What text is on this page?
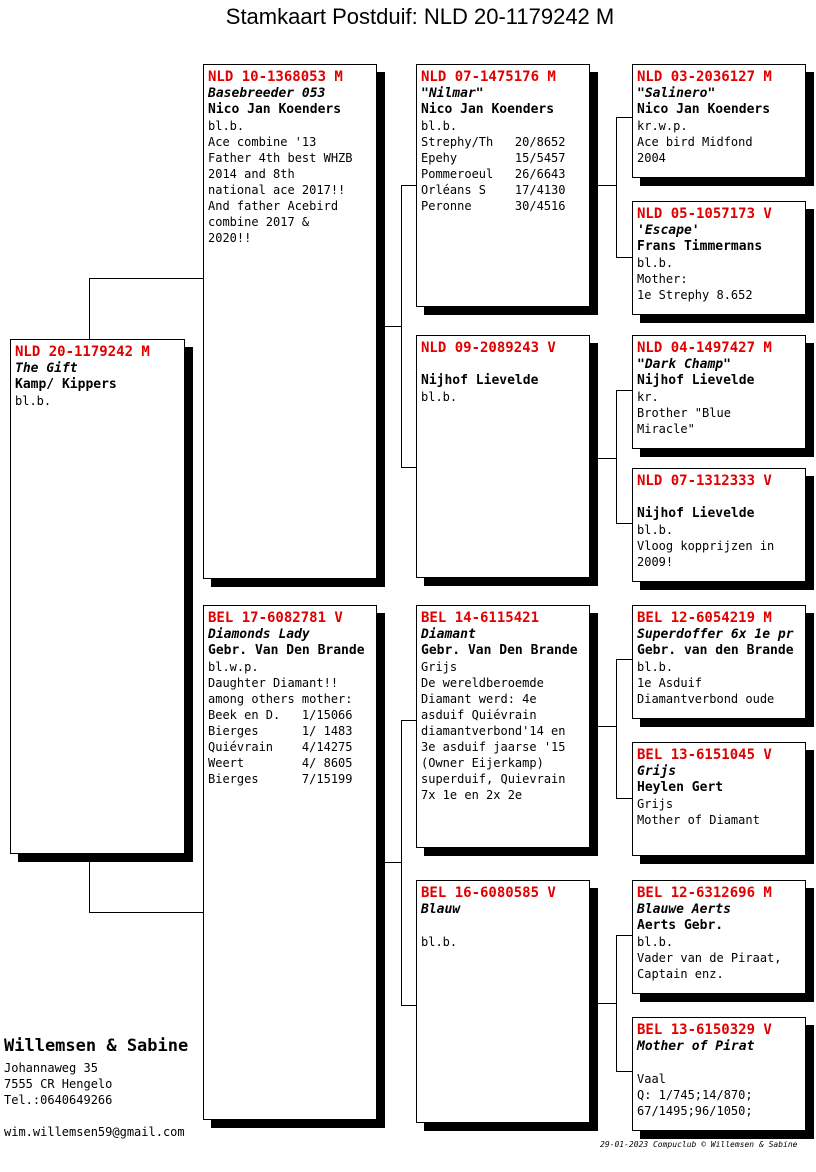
Stamkaart Postduif: NLD 20-1179242 M
NLD 20-1179242 M
The Gift
Kamp/ Kippers
bl.b.
NLD 10-1368053 M
Basebreeder 053
Nico Jan Koenders
bl.b.
Ace combine '13
Father 4th best WHZB
2014 and 8th
national ace 2017!!
And father Acebird
combine 2017 &
2020!!
BEL 17-6082781 V
Diamonds Lady
Gebr. Van Den Brande
bl.w.p.
Daughter Diamant!!
among others mother:
Beek en D.   1/15066
Bierges      1/ 1483
Quiévrain    4/14275
Weert        4/ 8605
Bierges      7/15199
NLD 07-1475176 M
"Nilmar"
Nico Jan Koenders
bl.b.
Strephy/Th   20/8652
Epehy        15/5457
Pommeroeul   26/6643
Orléans S    17/4130
Peronne      30/4516
NLD 09-2089243 V
Nijhof Lievelde
bl.b.
BEL 14-6115421
Diamant
Gebr. Van Den Brande
Grijs
De wereldberoemde
Diamant werd: 4e
asduif Quiévrain
diamantverbond'14 en
3e asduif jaarse '15
(Owner Eijerkamp)
superduif, Quievrain
7x 1e en 2x 2e
BEL 16-6080585 V
Blauw
bl.b.
NLD 03-2036127 M
"Salinero"
Nico Jan Koenders
kr.w.p.
Ace bird Midfond
2004
NLD 05-1057173 V
'Escape'
Frans Timmermans
bl.b.
Mother:
1e Strephy 8.652
NLD 04-1497427 M
"Dark Champ"
Nijhof Lievelde
kr.
Brother "Blue
Miracle"
NLD 07-1312333 V
Nijhof Lievelde
bl.b.
Vloog kopprijzen in
2009!
BEL 12-6054219 M
Superdoffer 6x 1e pr
Gebr. van den Brande
bl.b.
1e Asduif
Diamantverbond oude
BEL 13-6151045 V
Grijs
Heylen Gert
Grijs
Mother of Diamant
BEL 12-6312696 M
Blauwe Aerts
Aerts Gebr.
bl.b.
Vader van de Piraat,
Captain enz.
BEL 13-6150329 V
Mother of Pirat
Vaal
Q: 1/745;14/870;
67/1495;96/1050;
Willemsen & Sabine
Johannaweg 35
7555 CR Hengelo
Tel.:0640649266
wim.willemsen59@gmail.com
29-01-2023 Compuclub © Willemsen & Sabine
